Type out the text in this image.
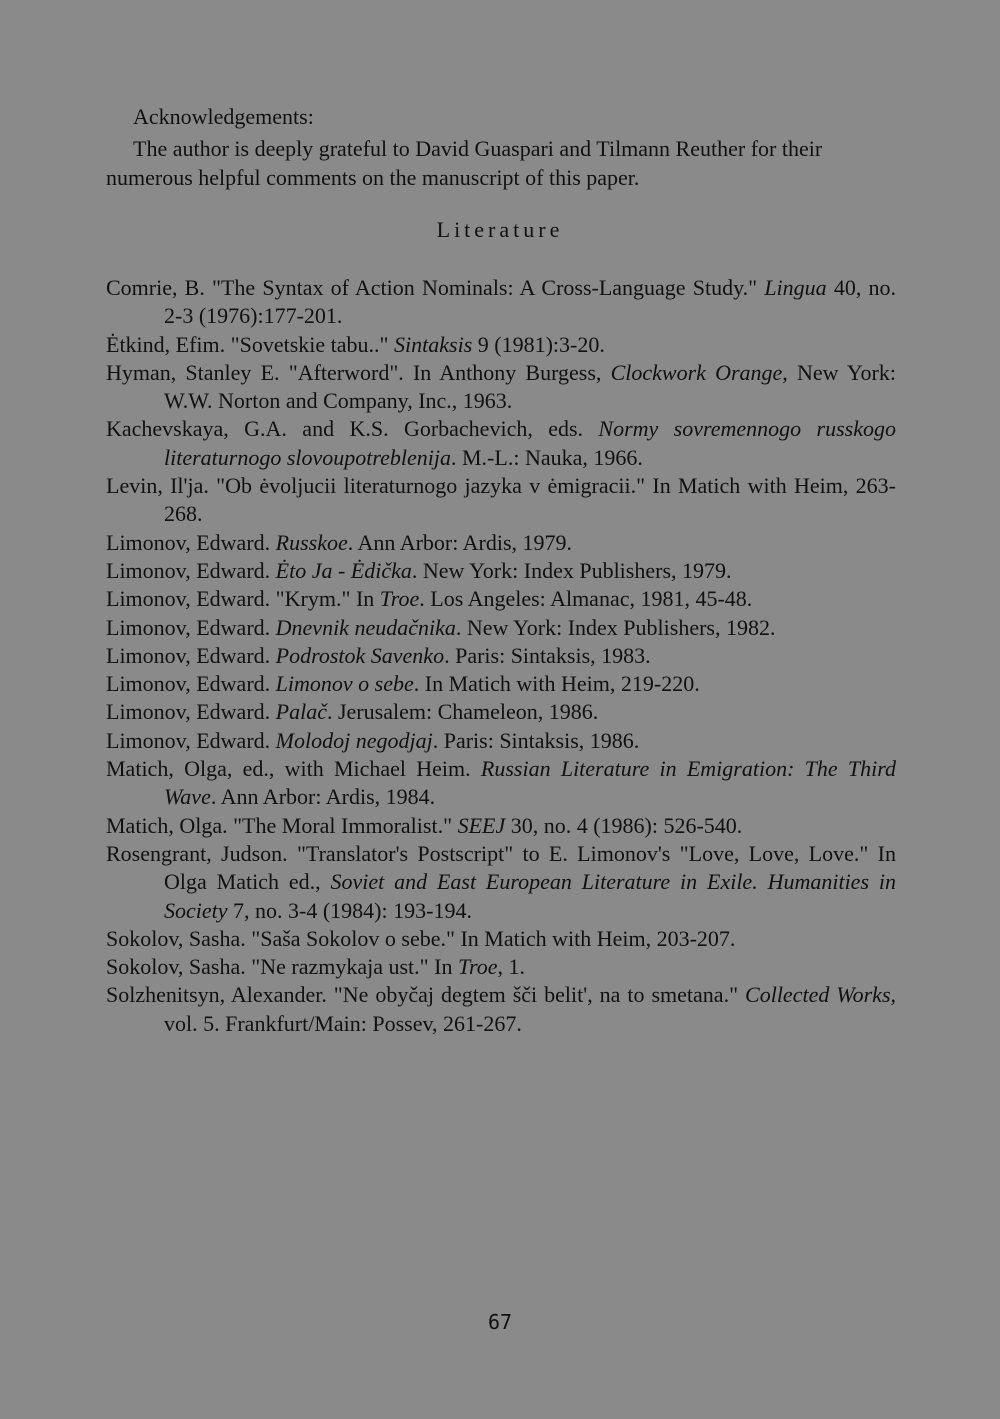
Acknowledgements:
The author is deeply grateful to David Guaspari and Tilmann Reuther for their numerous helpful comments on the manuscript of this paper.
Literature
Comrie, B. "The Syntax of Action Nominals: A Cross-Language Study." Lingua 40, no. 2-3 (1976):177-201.
Ėtkind, Efim. "Sovetskie tabu.." Sintaksis 9 (1981):3-20.
Hyman, Stanley E. "Afterword". In Anthony Burgess, Clockwork Orange, New York: W.W. Norton and Company, Inc., 1963.
Kachevskaya, G.A. and K.S. Gorbachevich, eds. Normy sovremennogo russkogo literaturnogo slovoupotreblenija. M.-L.: Nauka, 1966.
Levin, Il'ja. "Ob ėvoljucii literaturnogo jazyka v ėmigracii." In Matich with Heim, 263-268.
Limonov, Edward. Russkoe. Ann Arbor: Ardis, 1979.
Limonov, Edward. Ėto Ja - Ėdička. New York: Index Publishers, 1979.
Limonov, Edward. "Krym." In Troe. Los Angeles: Almanac, 1981, 45-48.
Limonov, Edward. Dnevnik neudačnika. New York: Index Publishers, 1982.
Limonov, Edward. Podrostok Savenko. Paris: Sintaksis, 1983.
Limonov, Edward. Limonov o sebe. In Matich with Heim, 219-220.
Limonov, Edward. Palač. Jerusalem: Chameleon, 1986.
Limonov, Edward. Molodoj negodjaj. Paris: Sintaksis, 1986.
Matich, Olga, ed., with Michael Heim. Russian Literature in Emigration: The Third Wave. Ann Arbor: Ardis, 1984.
Matich, Olga. "The Moral Immoralist." SEEJ 30, no. 4 (1986): 526-540.
Rosengrant, Judson. "Translator's Postscript" to E. Limonov's "Love, Love, Love." In Olga Matich ed., Soviet and East European Literature in Exile. Humanities in Society 7, no. 3-4 (1984): 193-194.
Sokolov, Sasha. "Saša Sokolov o sebe." In Matich with Heim, 203-207.
Sokolov, Sasha. "Ne razmykaja ust." In Troe, 1.
Solzhenitsyn, Alexander. "Ne obyčaj degtem šči belit', na to smetana." Collected Works, vol. 5. Frankfurt/Main: Possev, 261-267.
67
